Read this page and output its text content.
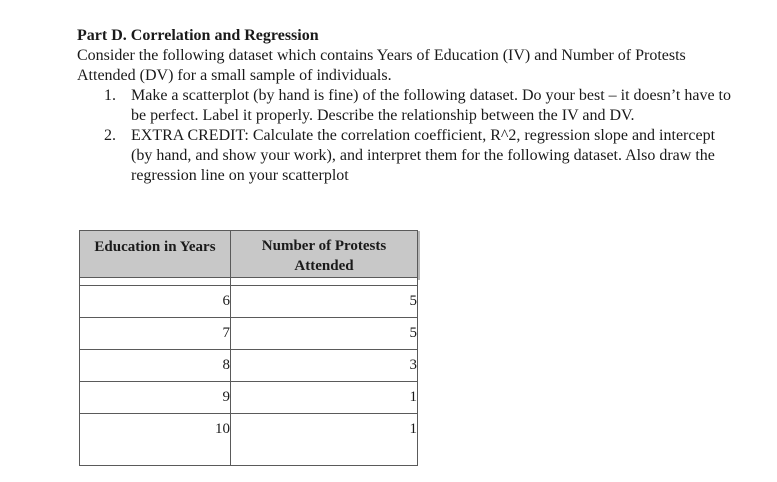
Part D. Correlation and Regression

Consider the following dataset which contains Years of Education (IV) and Number of Protests Attended (DV) for a small sample of individuals.

1. Make a scatterplot (by hand is fine) of the following dataset. Do your best – it doesn’t have to be perfect. Label it properly. Describe the relationship between the IV and DV.
2. EXTRA CREDIT: Calculate the correlation coefficient, R^2, regression slope and intercept (by hand, and show your work), and interpret them for the following dataset. Also draw the regression line on your scatterplot
Education in Years	Number of Protests Attended

6	5
7	5
8	3
9	1
10	1
